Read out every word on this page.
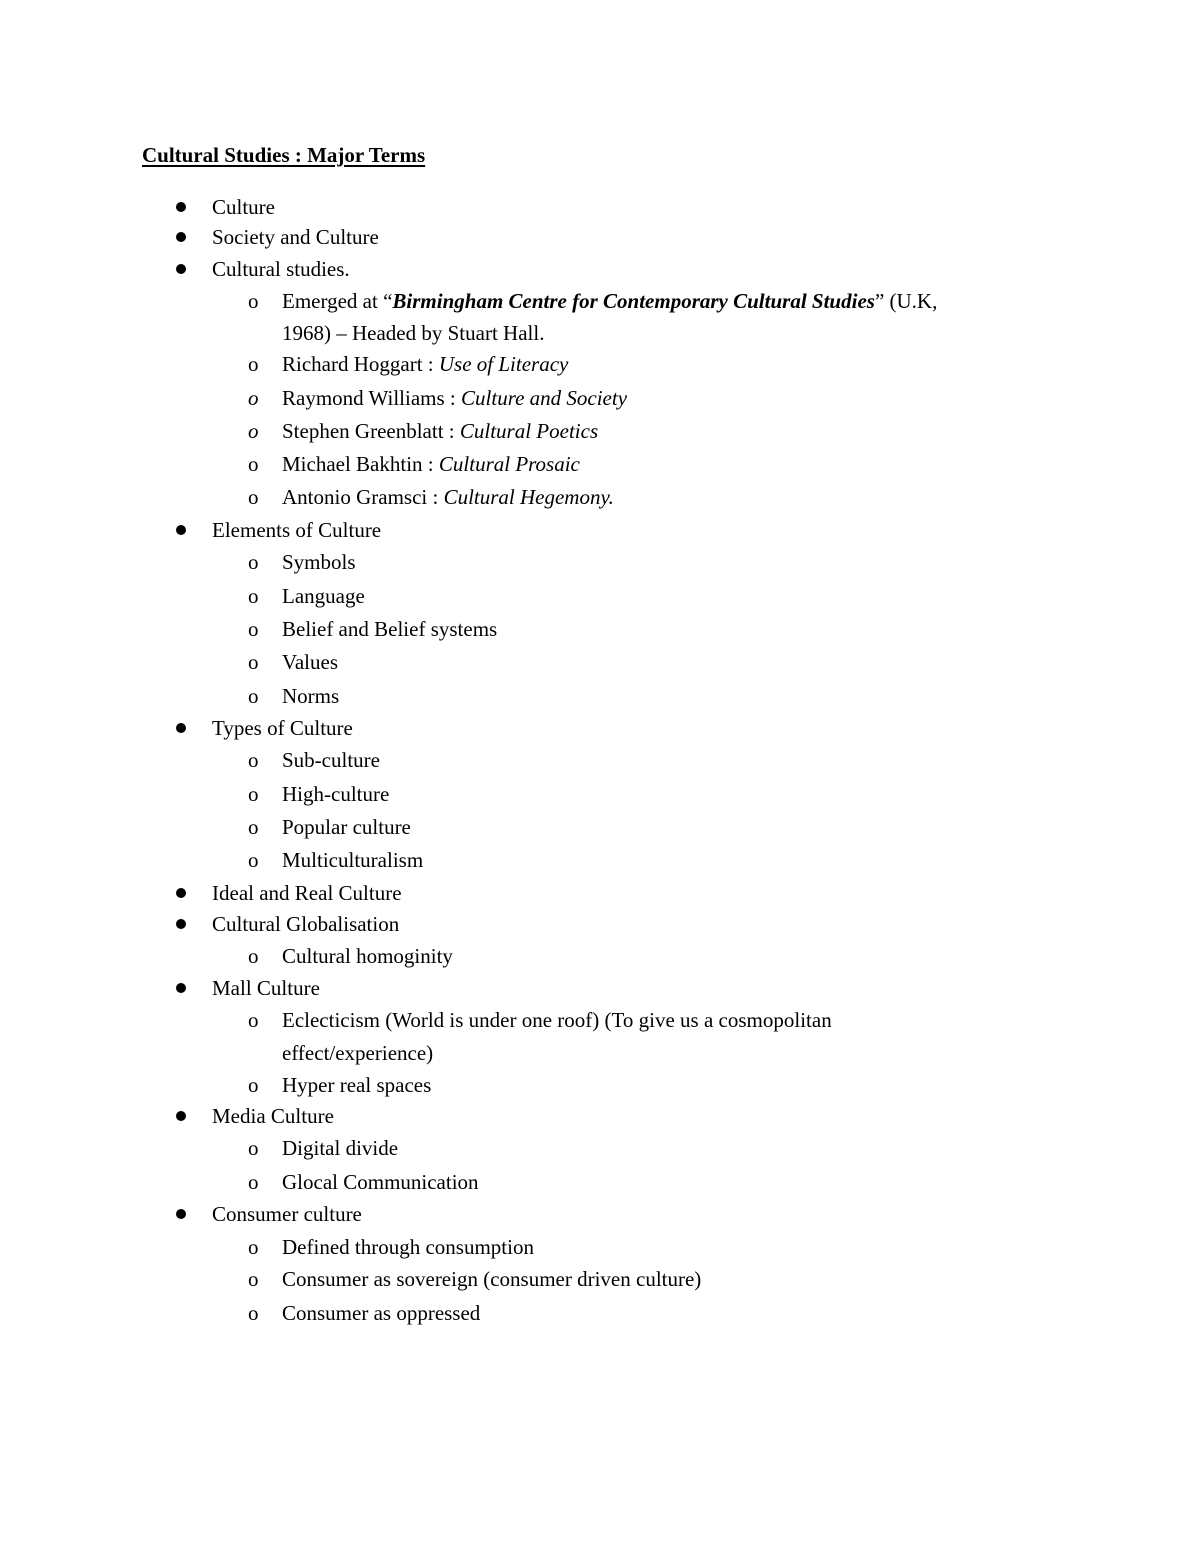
Cultural Studies : Major Terms
Culture
Society and Culture
Cultural studies.
o Emerged at “Birmingham Centre for Contemporary Cultural Studies” (U.K,
1968) – Headed by Stuart Hall.
o Richard Hoggart : Use of Literacy
o Raymond Williams : Culture and Society
o Stephen Greenblatt : Cultural Poetics
o Michael Bakhtin : Cultural Prosaic
o Antonio Gramsci : Cultural Hegemony.
Elements of Culture
o Symbols
o Language
o Belief and Belief systems
o Values
o Norms
Types of Culture
o Sub-culture
o High-culture
o Popular culture
o Multiculturalism
Ideal and Real Culture
Cultural Globalisation
o Cultural homoginity
Mall Culture
o Eclecticism (World is under one roof) (To give us a cosmopolitan
effect/experience)
o Hyper real spaces
Media Culture
o Digital divide
o Glocal Communication
Consumer culture
o Defined through consumption
o Consumer as sovereign (consumer driven culture)
o Consumer as oppressed
